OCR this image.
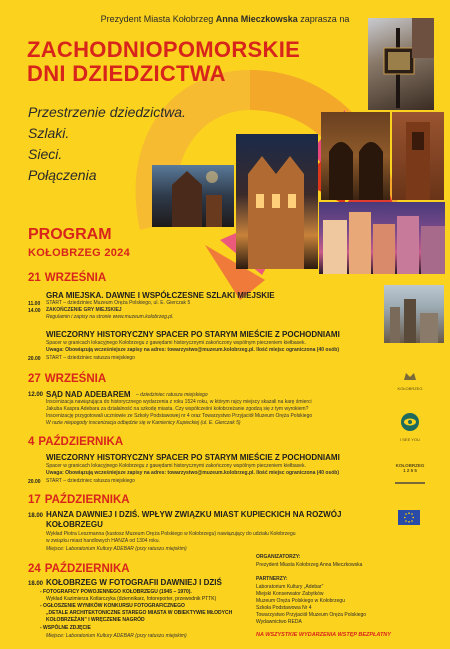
Prezydent Miasta Kołobrzeg Anna Mieczkowska zaprasza na
ZACHODNIOPOMORSKIE
DNI DZIEDZICTWA
Przestrzenie dziedzictwa.
Szlaki.
Sieci.
Połączenia
PROGRAM
KOŁOBRZEG 2024
21 WRZEŚNIA
GRA MIEJSKA. DAWNE I WSPÓŁCZESNE SZLAKI MIEJSKIE
11.00 START – dziedziniec Muzeum Oręża Polskiego, ul. E. Gierczak 5
14.00 ZAKOŃCZENIE GRY MIEJSKIEJ
Regulamin i zapisy na stronie www.muzeum.kolobrzeg.pl.
WIECZORNY HISTORYCZNY SPACER PO STARYM MIEŚCIE Z POCHODNIAMI
Spacer w granicach lokacyjnego Kołobrzegu z gawędami historycznymi zakończony wspólnym pieczeniem kiełbasek.
Uwaga: Obowiązują wcześniejsze zapisy na adres: towarzystwo@muzeum.kolobrzeg.pl. Ilość miejsc ograniczona (40 osób)
20.00 START – dziedziniec ratusza miejskiego
27 WRZEŚNIA
12.00 SĄD NAD ADEBAREM – dziedziniec ratusza miejskiego
Inscenizacja nawiązująca do historycznego wydarzenia z roku 1524 roku, w którym rajcy miejscy skazali na karę śmierci
Jakuba Kaspra Adebara za działalność na szkodę miasta. Czy współcześni kołobrzeżanie zgodzą się z tym wyrokiem?
Inscenizację przygotowali uczniowie ze Szkoły Podstawowej nr 4 oraz Towarzystwo Przyjaciół Muzeum Oręża Polskiego
W razie niepogody inscenizacja odbędzie się w Kamienicy Kupieckiej (ul. E. Gierczak 5)
4 PAŹDZIERNIKA
WIECZORNY HISTORYCZNY SPACER PO STARYM MIEŚCIE Z POCHODNIAMI
Spacer w granicach lokacyjnego Kołobrzegu z gawędami historycznymi zakończony wspólnym pieczeniem kiełbasek.
Uwaga: Obowiązują wcześniejsze zapisy na adres: towarzystwo@muzeum.kolobrzeg.pl. Ilość miejsc ograniczona (40 osób)
20.00 START – dziedziniec ratusza miejskiego
17 PAŹDZIERNIKA
18.00 HANZA DAWNIEJ I DZIŚ. WPŁYW ZWIĄZKU MIAST KUPIECKICH NA ROZWÓJ
KOŁOBRZEGU
Wykład Piotra Leszmanna (kustosz Muzeum Oręża Polskiego w Kołobrzegu) nawiązujący do udziału Kołobrzegu
w związku miast handlowych HANZA od 1304 roku.
Miejsce: Laboratorium Kultury ADEBAR (przy ratuszu miejskim)
24 PAŹDZIERNIKA
18.00 KOŁOBRZEG W FOTOGRAFII DAWNIEJ I DZIŚ
- FOTOGRAFICY POWOJENNEGO KOŁOBRZEGU (1945 – 1970).
Wykład Kazimierza Kotlarczyka (dziennikarz, fotoreporter, przewodnik PTTK)
- OGŁOSZENIE WYNIKÓW KONKURSU FOTOGRAFICZNEGO
„DETALE ARCHITEKTONICZNE STAREGO MIASTA W OBIEKTYWIE MŁODYCH
KOŁOBRZEŻAN” I WRĘCZENIE NAGRÓD
- WSPÓLNE ZDJĘCIE
Miejsce: Laboratorium Kultury ADEBAR (przy ratuszu miejskim)
KOŁOBRZEG
I SEE YOU
KOŁOBRZEG
1 2 5 5
ORGANIZATORZY:
Prezydent Miasta Kołobrzeg Anna Mieczkowska
PARTNERZY:
Laboratorium Kultury „Adebar”
Miejski Konserwator Zabytków
Muzeum Oręża Polskiego w Kołobrzegu
Szkoła Podstawowa Nr 4
Towarzystwo Przyjaciół Muzeum Oręża Polskiego
Wydawnictwo REDA
NA WSZYSTKIE WYDARZENIA WSTĘP BEZPŁATNY
